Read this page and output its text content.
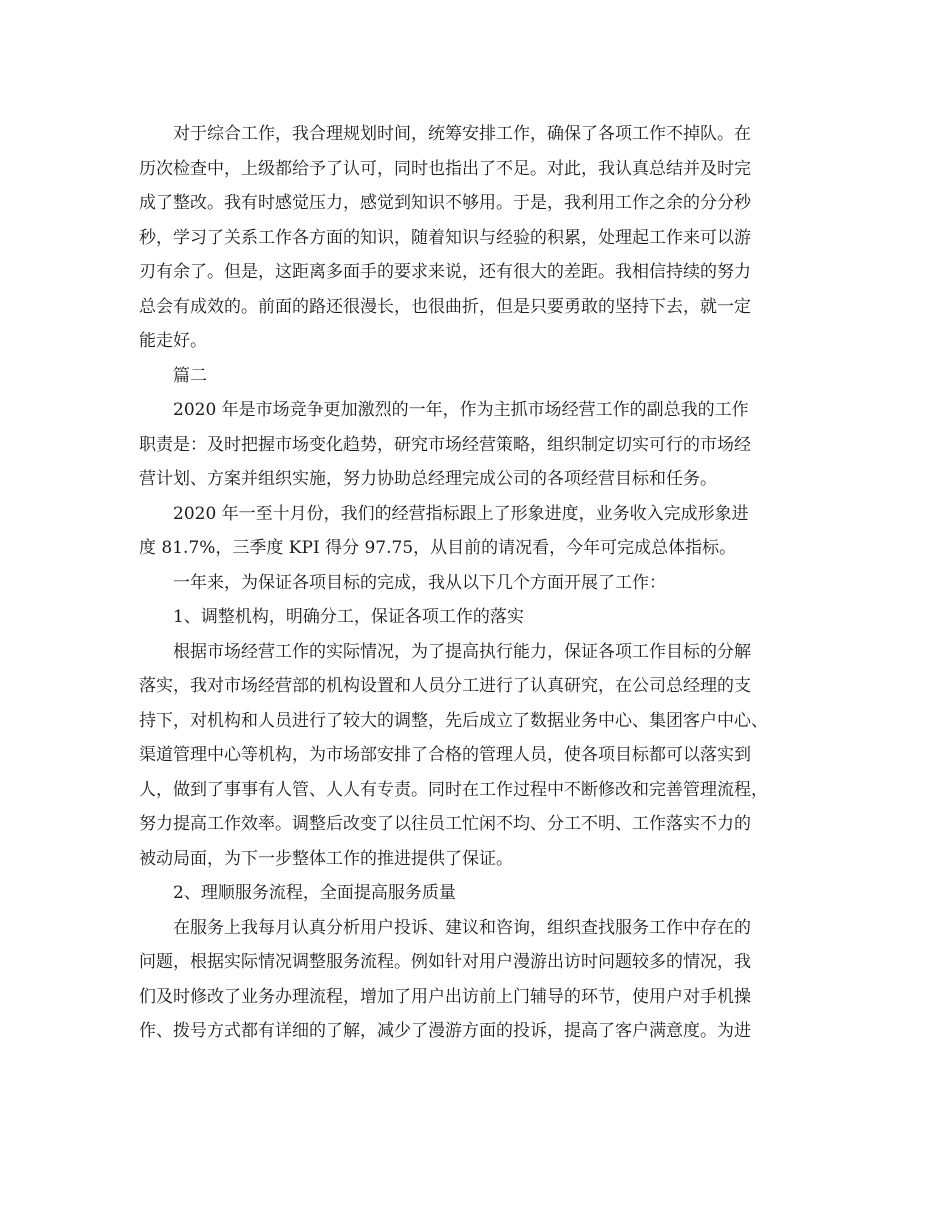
对于综合工作，我合理规划时间，统筹安排工作，确保了各项工作不掉队。在
历次检查中，上级都给予了认可，同时也指出了不足。对此，我认真总结并及时完
成了整改。我有时感觉压力，感觉到知识不够用。于是，我利用工作之余的分分秒
秒，学习了关系工作各方面的知识，随着知识与经验的积累，处理起工作来可以游
刃有余了。但是，这距离多面手的要求来说，还有很大的差距。我相信持续的努力
总会有成效的。前面的路还很漫长，也很曲折，但是只要勇敢的坚持下去，就一定
能走好。
篇二
2020 年是市场竞争更加激烈的一年，作为主抓市场经营工作的副总我的工作
职责是：及时把握市场变化趋势，研究市场经营策略，组织制定切实可行的市场经
营计划、方案并组织实施，努力协助总经理完成公司的各项经营目标和任务。
2020 年一至十月份，我们的经营指标跟上了形象进度，业务收入完成形象进
度 81.7%，三季度 KPI 得分 97.75，从目前的请况看，今年可完成总体指标。
一年来，为保证各项目标的完成，我从以下几个方面开展了工作：
1、调整机构，明确分工，保证各项工作的落实
根据市场经营工作的实际情况，为了提高执行能力，保证各项工作目标的分解
落实，我对市场经营部的机构设置和人员分工进行了认真研究，在公司总经理的支
持下，对机构和人员进行了较大的调整，先后成立了数据业务中心、集团客户中心、
渠道管理中心等机构，为市场部安排了合格的管理人员，使各项目标都可以落实到
人，做到了事事有人管、人人有专责。同时在工作过程中不断修改和完善管理流程，
努力提高工作效率。调整后改变了以往员工忙闲不均、分工不明、工作落实不力的
被动局面，为下一步整体工作的推进提供了保证。
2、理顺服务流程，全面提高服务质量
在服务上我每月认真分析用户投诉、建议和咨询，组织查找服务工作中存在的
问题，根据实际情况调整服务流程。例如针对用户漫游出访时问题较多的情况，我
们及时修改了业务办理流程，增加了用户出访前上门辅导的环节，使用户对手机操
作、拨号方式都有详细的了解，减少了漫游方面的投诉，提高了客户满意度。为进
